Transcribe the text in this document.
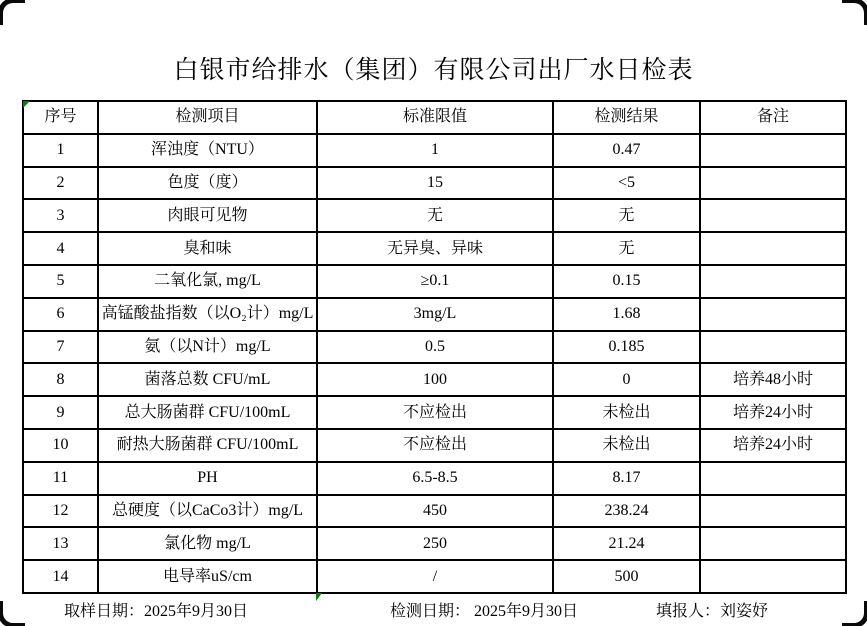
白银市给排水（集团）有限公司出厂水日检表
序号	检测项目	标准限值	检测结果	备注
1	浑浊度（NTU）	1	0.47	
2	色度（度）	15	<5	
3	肉眼可见物	无	无	
4	臭和味	无异臭、异味	无	
5	二氧化氯, mg/L	≥0.1	0.15	
6	高锰酸盐指数（以O₂计）mg/L	3mg/L	1.68	
7	氨（以N计）mg/L	0.5	0.185	
8	菌落总数 CFU/mL	100	0	培养48小时
9	总大肠菌群 CFU/100mL	不应检出	未检出	培养24小时
10	耐热大肠菌群 CFU/100mL	不应检出	未检出	培养24小时
11	PH	6.5-8.5	8.17	
12	总硬度（以CaCo3计）mg/L	450	238.24	
13	氯化物 mg/L	250	21.24	
14	电导率uS/cm	/	500	
取样日期：2025年9月30日	检测日期： 2025年9月30日	填报人：刘姿妤
